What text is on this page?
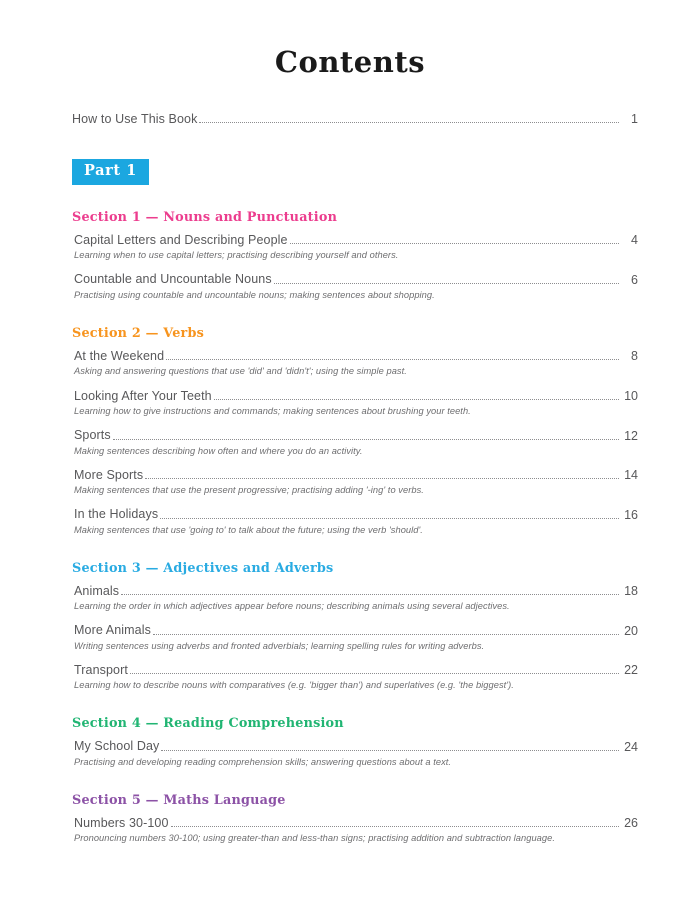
Contents
How to Use This Book	1
Part 1
Section 1 — Nouns and Punctuation
Capital Letters and Describing People	4
Learning when to use capital letters; practising describing yourself and others.
Countable and Uncountable Nouns	6
Practising using countable and uncountable nouns; making sentences about shopping.
Section 2 — Verbs
At the Weekend	8
Asking and answering questions that use 'did' and 'didn't'; using the simple past.
Looking After Your Teeth	10
Learning how to give instructions and commands; making sentences about brushing your teeth.
Sports	12
Making sentences describing how often and where you do an activity.
More Sports	14
Making sentences that use the present progressive; practising adding '-ing' to verbs.
In the Holidays	16
Making sentences that use 'going to' to talk about the future; using the verb 'should'.
Section 3 — Adjectives and Adverbs
Animals	18
Learning the order in which adjectives appear before nouns; describing animals using several adjectives.
More Animals	20
Writing sentences using adverbs and fronted adverbials; learning spelling rules for writing adverbs.
Transport	22
Learning how to describe nouns with comparatives (e.g. 'bigger than') and superlatives (e.g. 'the biggest').
Section 4 — Reading Comprehension
My School Day	24
Practising and developing reading comprehension skills; answering questions about a text.
Section 5 — Maths Language
Numbers 30-100	26
Pronouncing numbers 30-100; using greater-than and less-than signs; practising addition and subtraction language.
